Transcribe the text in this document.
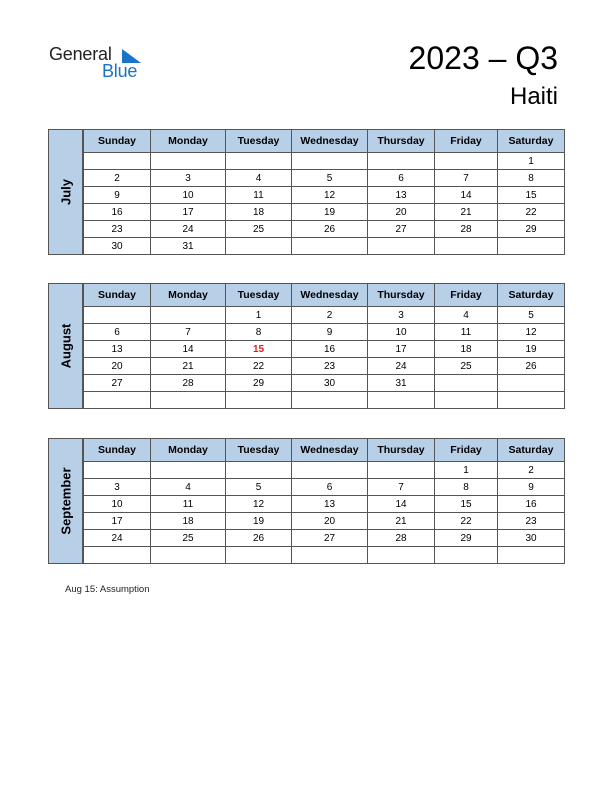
General
Blue	2023 – Q3
Haiti
July
Sunday	Monday	Tuesday	Wednesday	Thursday	Friday	Saturday
						1
2	3	4	5	6	7	8
9	10	11	12	13	14	15
16	17	18	19	20	21	22
23	24	25	26	27	28	29
30	31					
August
Sunday	Monday	Tuesday	Wednesday	Thursday	Friday	Saturday
		1	2	3	4	5
6	7	8	9	10	11	12
13	14	15	16	17	18	19
20	21	22	23	24	25	26
27	28	29	30	31		

September
Sunday	Monday	Tuesday	Wednesday	Thursday	Friday	Saturday
					1	2
3	4	5	6	7	8	9
10	11	12	13	14	15	16
17	18	19	20	21	22	23
24	25	26	27	28	29	30

Aug 15: Assumption
